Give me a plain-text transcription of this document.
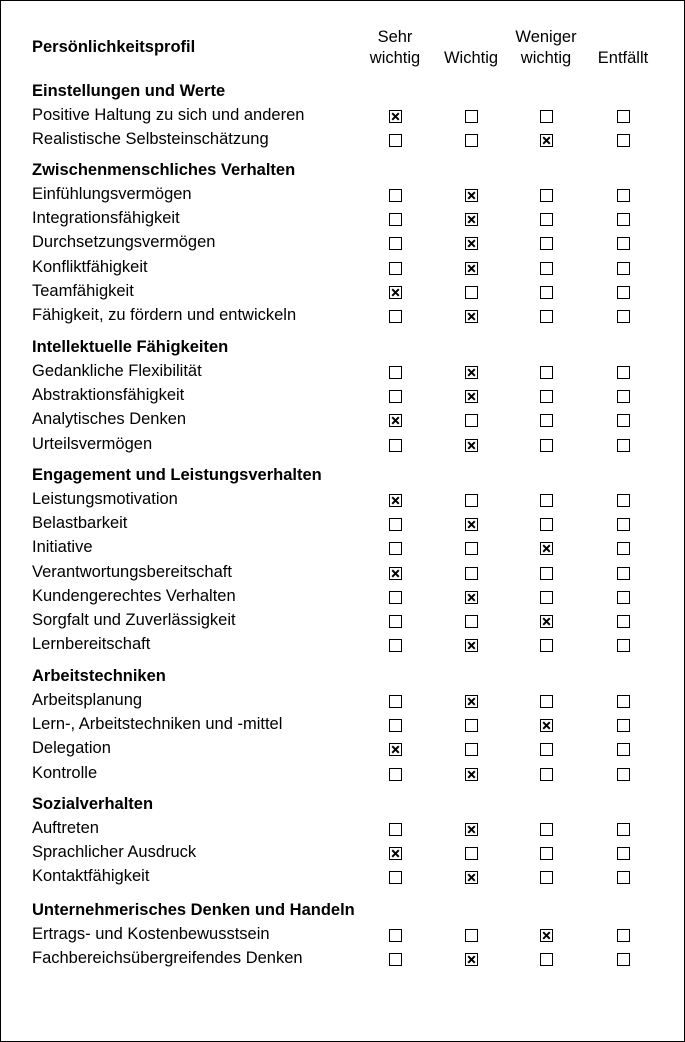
Persönlichkeitsprofil
Sehr
wichtig
	Wichtig
Weniger
wichtig
	Entfällt
Einstellungen und Werte
Positive Haltung zu sich und anderen
Realistische Selbsteinschätzung
Zwischenmenschliches Verhalten
Einfühlungsvermögen
Integrationsfähigkeit
Durchsetzungsvermögen
Konfliktfähigkeit
Teamfähigkeit
Fähigkeit, zu fördern und entwickeln
Intellektuelle Fähigkeiten
Gedankliche Flexibilität
Abstraktionsfähigkeit
Analytisches Denken
Urteilsvermögen
Engagement und Leistungsverhalten
Leistungsmotivation
Belastbarkeit
Initiative
Verantwortungsbereitschaft
Kundengerechtes Verhalten
Sorgfalt und Zuverlässigkeit
Lernbereitschaft
Arbeitstechniken
Arbeitsplanung
Lern-, Arbeitstechniken und -mittel
Delegation
Kontrolle
Sozialverhalten
Auftreten
Sprachlicher Ausdruck
Kontaktfähigkeit
Unternehmerisches Denken und Handeln
Ertrags- und Kostenbewusstsein
Fachbereichsübergreifendes Denken
